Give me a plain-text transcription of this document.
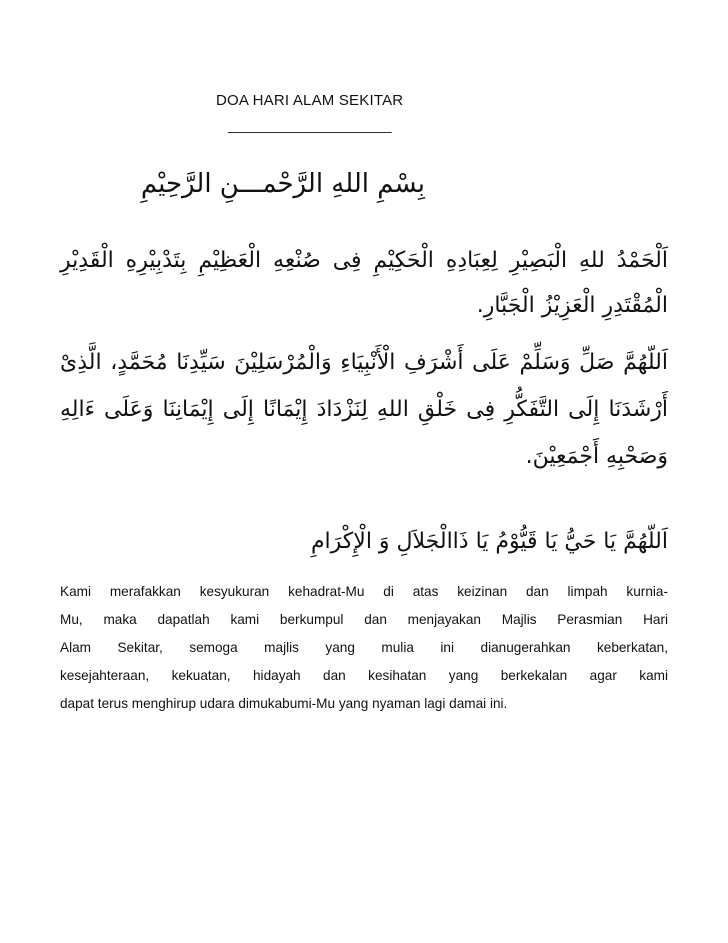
DOA HARI ALAM SEKITAR
_____________________
بِسْمِ اللهِ الرَّحْمـــنِ الرَّحِيْمِ
اَلْحَمْدُ للهِ الْبَصِيْرِ لِعِبَادِهِ الْحَكِيْمِ فِى صُنْعِهِ الْعَظِيْمِ بِتَدْبِيْرِهِ الْقَدِيْرِ
الْمُقْتَدِرِ الْعَزِيْزُ الْجَبَّارِ.
اَللّهُمَّ صَلِّ وَسَلِّمْ عَلَى أَشْرَفِ الْأَنْبِيَاءِ وَالْمُرْسَلِيْنَ سَيِّدِنَا مُحَمَّدٍ، الَّذِىْ
أَرْشَدَنَا إِلَى التَّفَكُّرِ فِى خَلْقِ اللهِ لِنَزْدَادَ إِيْمَانًا إِلَى إِيْمَانِنَا وَعَلَى ءَالِهِ
وَصَحْبِهِ أَجْمَعِيْنَ.
اَللّهُمَّ يَا حَيُّ يَا قَيُّوْمُ يَا ذَاالْجَلاَلِ وَ الْإِكْرَامِ
Kami merafakkan kesyukuran kehadrat-Mu di atas keizinan dan limpah kurnia-
Mu, maka dapatlah kami berkumpul dan menjayakan Majlis Perasmian Hari
Alam Sekitar, semoga majlis yang mulia ini dianugerahkan keberkatan,
kesejahteraan, kekuatan, hidayah dan kesihatan yang berkekalan agar kami
dapat terus menghirup udara dimukabumi-Mu yang nyaman lagi damai ini.
